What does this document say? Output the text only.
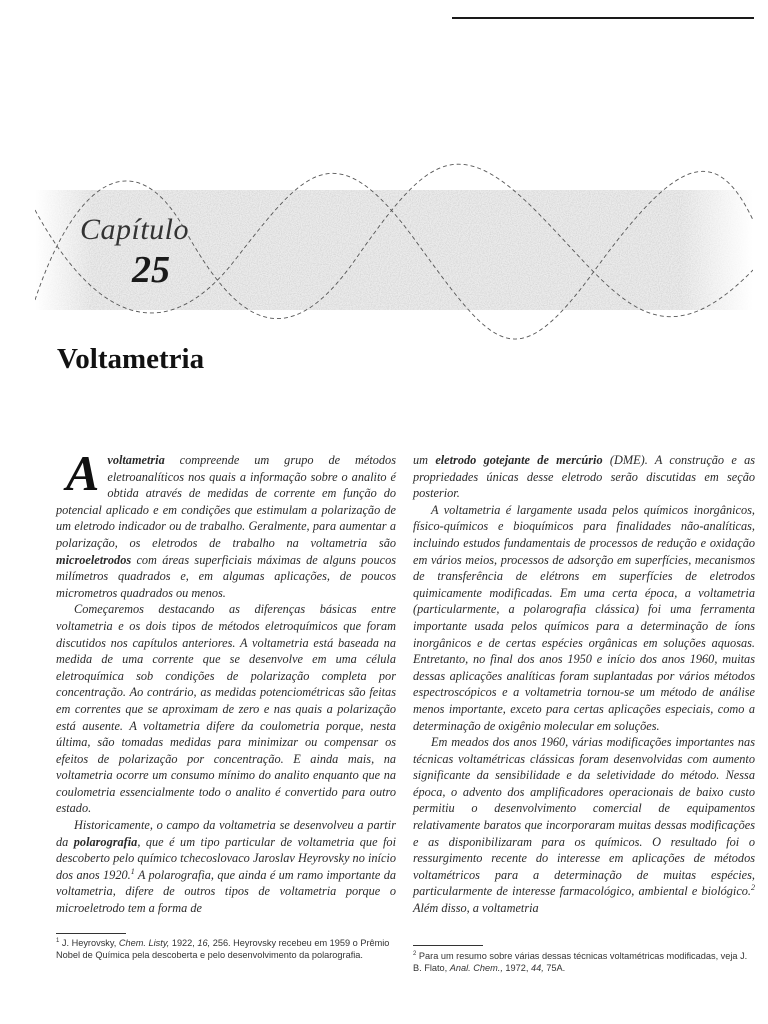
Capítulo
25
Voltametria

Avoltametria compreende um grupo de métodos eletroanalíticos nos quais a informação sobre o analito é obtida através de medidas de corrente em função do potencial aplicado e em condições que estimulam a polarização de um eletrodo indicador ou de trabalho. Geralmente, para aumentar a polarização, os eletrodos de trabalho na voltametria são microeletrodos com áreas superficiais máximas de alguns poucos milímetros quadrados e, em algumas aplicações, de poucos micrometros quadrados ou menos.

Começaremos destacando as diferenças básicas entre voltametria e os dois tipos de métodos eletroquímicos que foram discutidos nos capítulos anteriores. A voltametria está baseada na medida de uma corrente que se desenvolve em uma célula eletroquímica sob condições de polarização completa por concentração. Ao contrário, as medidas potenciométricas são feitas em correntes que se aproximam de zero e nas quais a polarização está ausente. A voltametria difere da coulometria porque, nesta última, são tomadas medidas para minimizar ou compensar os efeitos de polarização por concentração. E ainda mais, na voltametria ocorre um consumo mínimo do analito enquanto que na coulometria essencialmente todo o analito é convertido para outro estado.

Historicamente, o campo da voltametria se desenvolveu a partir da polarografia, que é um tipo particular de voltametria que foi descoberto pelo químico tchecoslovaco Jaroslav Heyrovsky no início dos anos 1920.$^1$ A polarografia, que ainda é um ramo importante da voltametria, difere de outros tipos de voltametria porque o microeletrodo tem a forma de

um eletrodo gotejante de mercúrio (DME). A construção e as propriedades únicas desse eletrodo serão discutidas em seção posterior.

A voltametria é largamente usada pelos químicos inorgânicos, físico-químicos e bioquímicos para finalidades não-analíticas, incluindo estudos fundamentais de processos de redução e oxidação em vários meios, processos de adsorção em superfícies, mecanismos de transferência de elétrons em superfícies de eletrodos quimicamente modificadas. Em uma certa época, a voltametria (particularmente, a polarografia clássica) foi uma ferramenta importante usada pelos químicos para a determinação de íons inorgânicos e de certas espécies orgânicas em soluções aquosas. Entretanto, no final dos anos 1950 e início dos anos 1960, muitas dessas aplicações analíticas foram suplantadas por vários métodos espectroscópicos e a voltametria tornou-se um método de análise menos importante, exceto para certas aplicações especiais, como a determinação de oxigênio molecular em soluções.

Em meados dos anos 1960, várias modificações importantes nas técnicas voltamétricas clássicas foram desenvolvidas com aumento significante da sensibilidade e da seletividade do método. Nessa época, o advento dos amplificadores operacionais de baixo custo permitiu o desenvolvimento comercial de equipamentos relativamente baratos que incorporaram muitas dessas modificações e as disponibilizaram para os químicos. O resultado foi o ressurgimento recente do interesse em aplicações de métodos voltamétricos para a determinação de muitas espécies, particularmente de interesse farmacológico, ambiental e biológico.$^2$ Além disso, a voltametria

$^1$ J. Heyrovsky, Chem. Listy, 1922, 16, 256. Heyrovsky recebeu em 1959 o Prêmio Nobel de Química pela descoberta e pelo desenvolvimento da polarografia.	$^2$ Para um resumo sobre várias dessas técnicas voltamétricas modificadas, veja J. B. Flato, Anal. Chem., 1972, 44, 75A.
